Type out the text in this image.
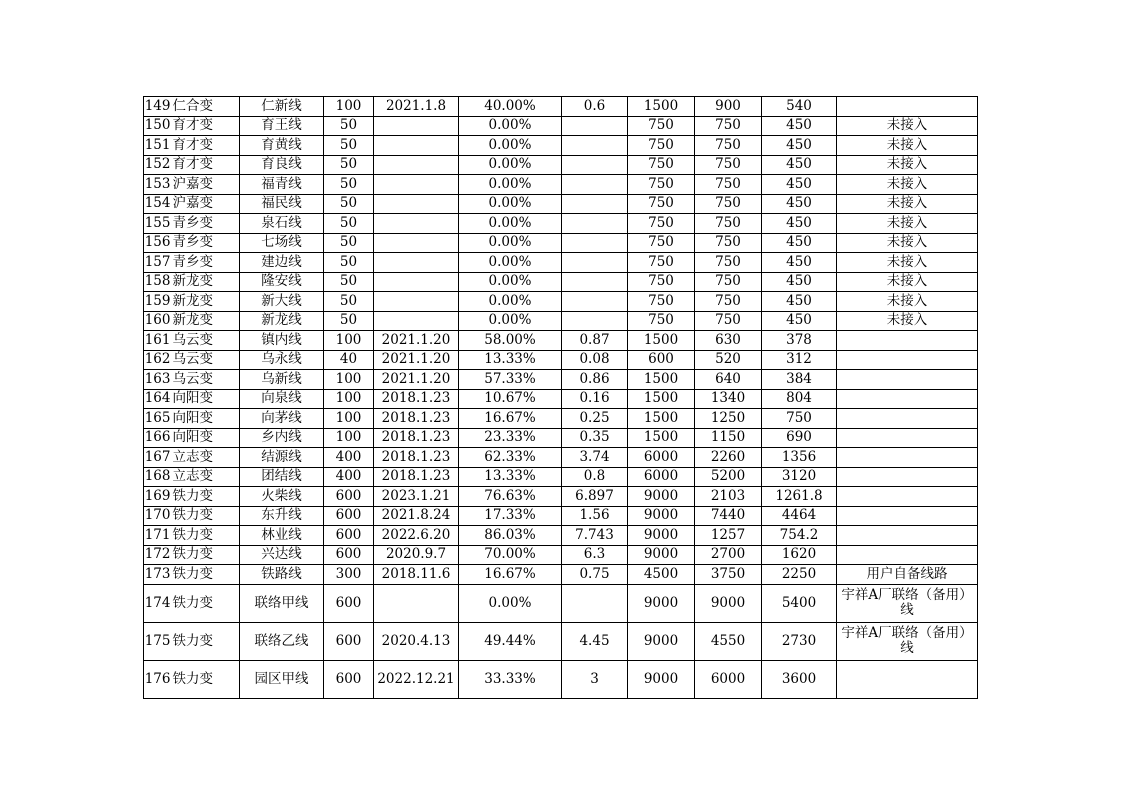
149	仁合变	仁新线	100	2021.1.8	40.00%	0.6	1500	900	540	
150	育才变	育王线	50		0.00%		750	750	450	未接入
151	育才变	育黄线	50		0.00%		750	750	450	未接入
152	育才变	育良线	50		0.00%		750	750	450	未接入
153	沪嘉变	福青线	50		0.00%		750	750	450	未接入
154	沪嘉变	福民线	50		0.00%		750	750	450	未接入
155	青乡变	泉石线	50		0.00%		750	750	450	未接入
156	青乡变	七场线	50		0.00%		750	750	450	未接入
157	青乡变	建边线	50		0.00%		750	750	450	未接入
158	新龙变	隆安线	50		0.00%		750	750	450	未接入
159	新龙变	新大线	50		0.00%		750	750	450	未接入
160	新龙变	新龙线	50		0.00%		750	750	450	未接入
161	乌云变	镇内线	100	2021.1.20	58.00%	0.87	1500	630	378	
162	乌云变	乌永线	40	2021.1.20	13.33%	0.08	600	520	312	
163	乌云变	乌新线	100	2021.1.20	57.33%	0.86	1500	640	384	
164	向阳变	向泉线	100	2018.1.23	10.67%	0.16	1500	1340	804	
165	向阳变	向茅线	100	2018.1.23	16.67%	0.25	1500	1250	750	
166	向阳变	乡内线	100	2018.1.23	23.33%	0.35	1500	1150	690	
167	立志变	结源线	400	2018.1.23	62.33%	3.74	6000	2260	1356	
168	立志变	团结线	400	2018.1.23	13.33%	0.8	6000	5200	3120	
169	铁力变	火柴线	600	2023.1.21	76.63%	6.897	9000	2103	1261.8	
170	铁力变	东升线	600	2021.8.24	17.33%	1.56	9000	7440	4464	
171	铁力变	林业线	600	2022.6.20	86.03%	7.743	9000	1257	754.2	
172	铁力变	兴达线	600	2020.9.7	70.00%	6.3	9000	2700	1620	
173	铁力变	铁路线	300	2018.11.6	16.67%	0.75	4500	3750	2250	用户自备线路
174	铁力变	联络甲线	600		0.00%		9000	9000	5400	宇祥A厂联络（备用）线
175	铁力变	联络乙线	600	2020.4.13	49.44%	4.45	9000	4550	2730	宇祥A厂联络（备用）线
176	铁力变	园区甲线	600	2022.12.21	33.33%	3	9000	6000	3600	
